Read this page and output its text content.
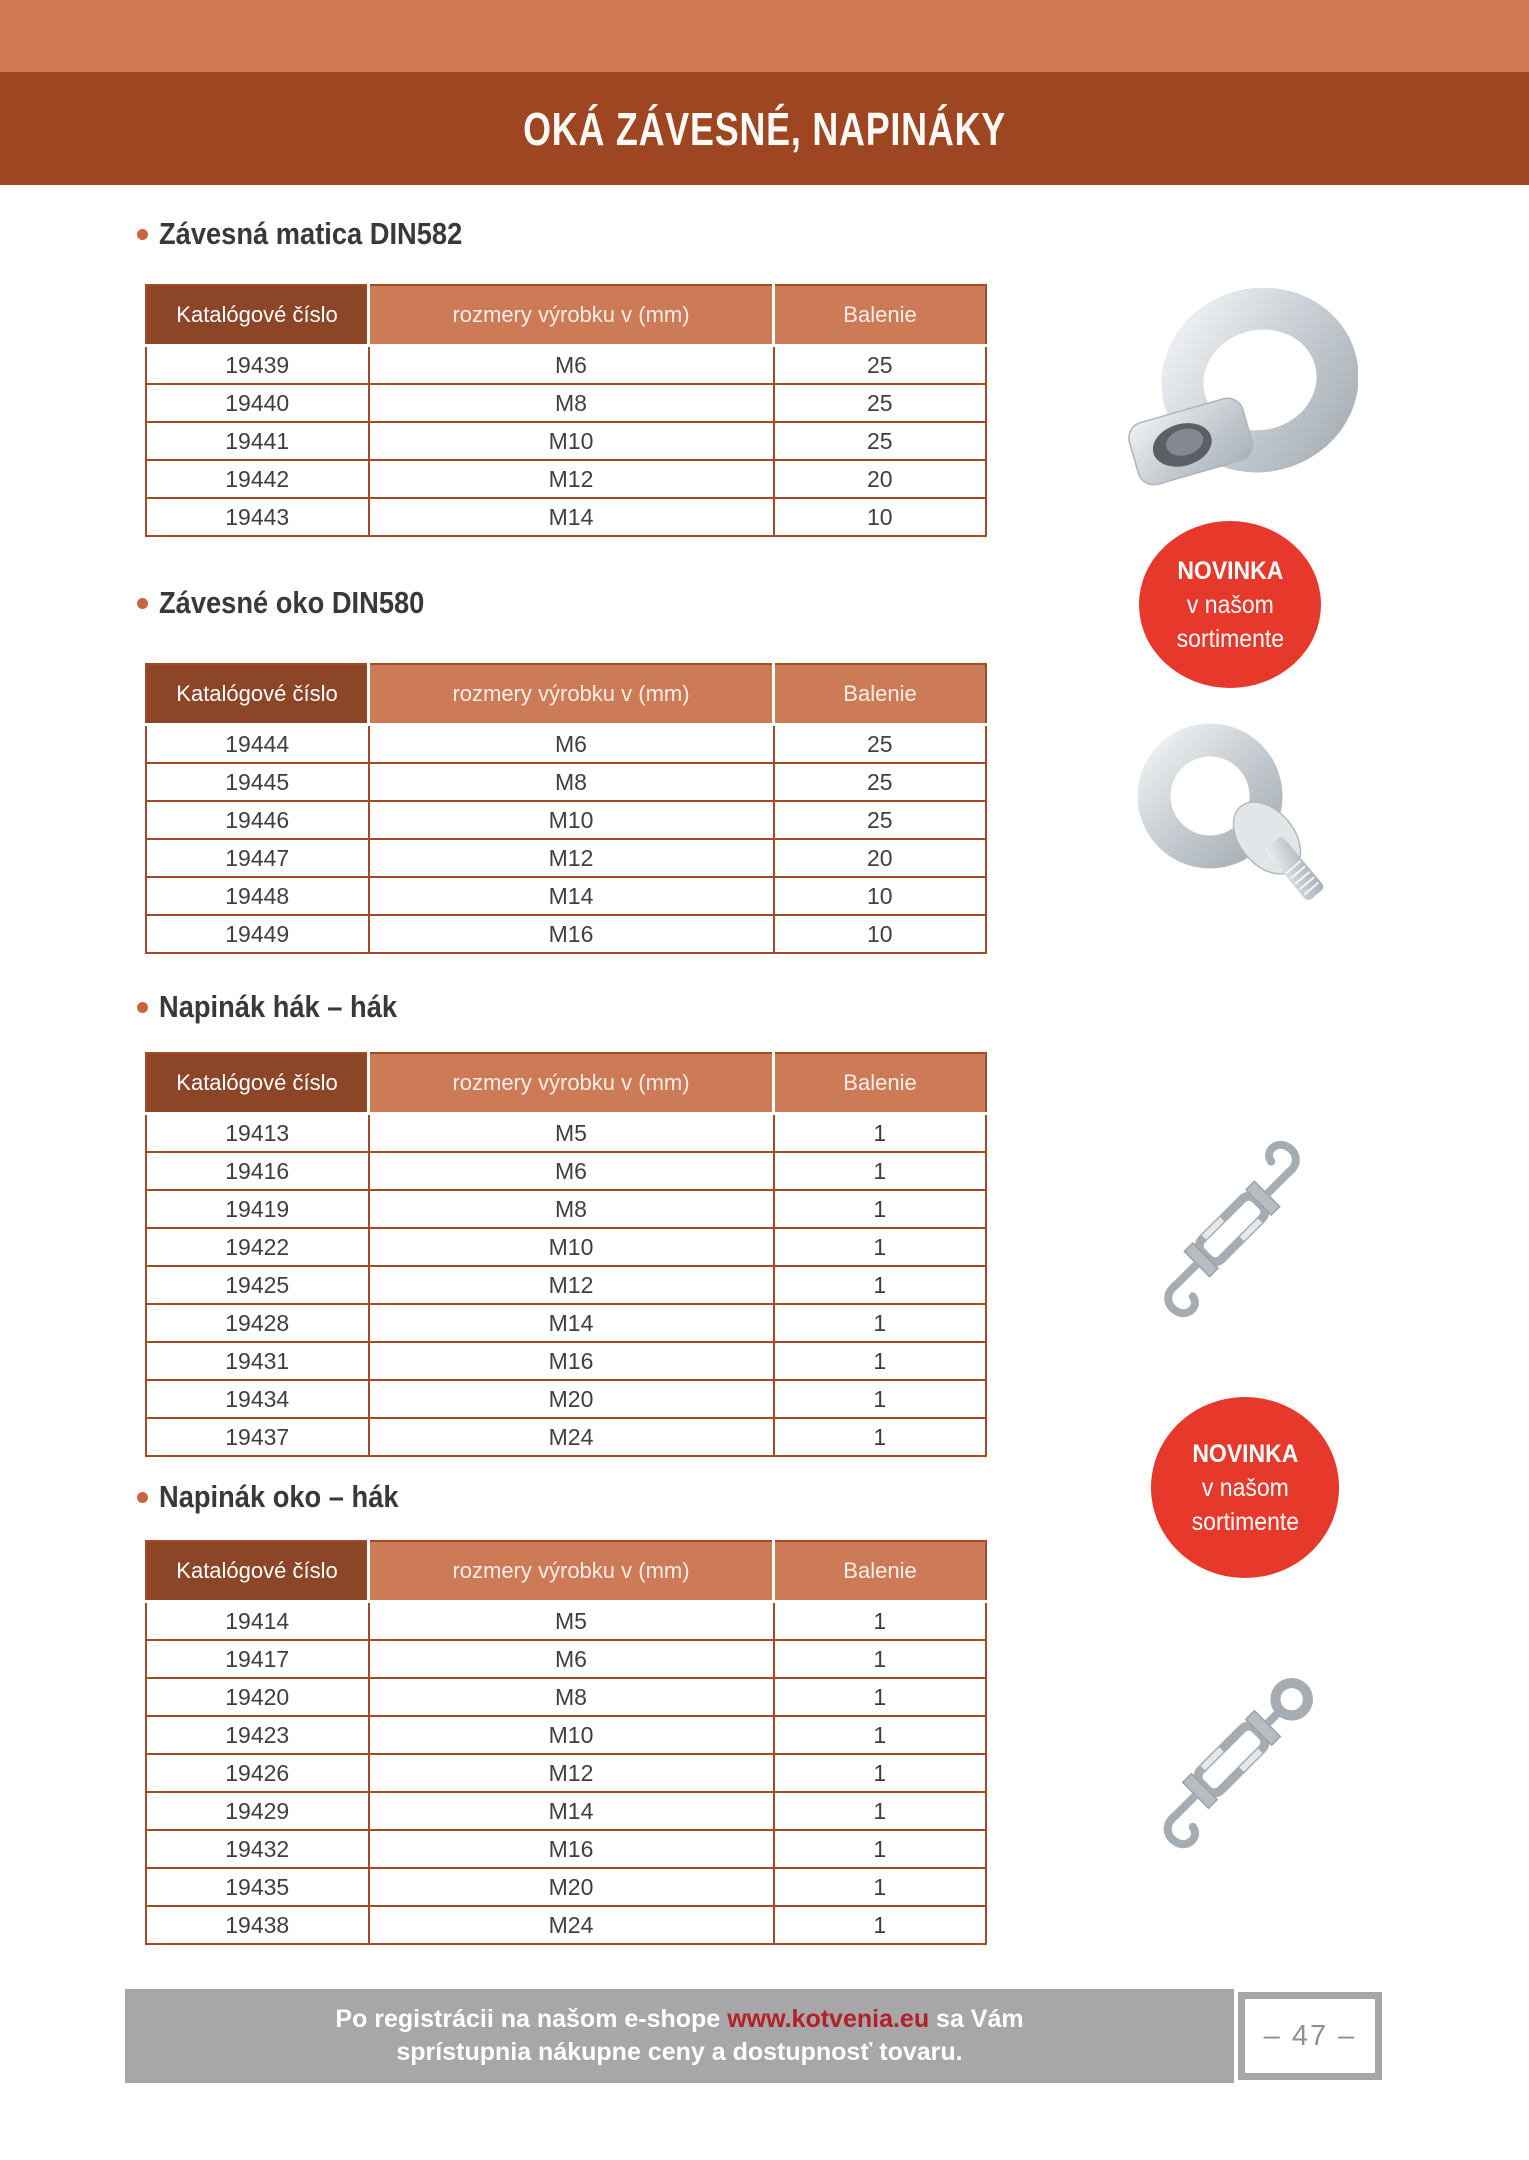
OKÁ ZÁVESNÉ, NAPINÁKY
Závesná matica DIN582
Katalógové číslo	rozmery výrobku v (mm)	Balenie
19439	M6	25
19440	M8	25
19441	M10	25
19442	M12	20
19443	M14	10
Závesné oko DIN580
Katalógové číslo	rozmery výrobku v (mm)	Balenie
19444	M6	25
19445	M8	25
19446	M10	25
19447	M12	20
19448	M14	10
19449	M16	10
Napinák hák – hák
Katalógové číslo	rozmery výrobku v (mm)	Balenie
19413	M5	1
19416	M6	1
19419	M8	1
19422	M10	1
19425	M12	1
19428	M14	1
19431	M16	1
19434	M20	1
19437	M24	1
Napinák oko – hák
Katalógové číslo	rozmery výrobku v (mm)	Balenie
19414	M5	1
19417	M6	1
19420	M8	1
19423	M10	1
19426	M12	1
19429	M14	1
19432	M16	1
19435	M20	1
19438	M24	1
NOVINKA
v našom
sortimente
NOVINKA
v našom
sortimente
Po registrácii na našom e-shope www.kotvenia.eu sa Vám
sprístupnia nákupne ceny a dostupnosť tovaru.
– 47 –
